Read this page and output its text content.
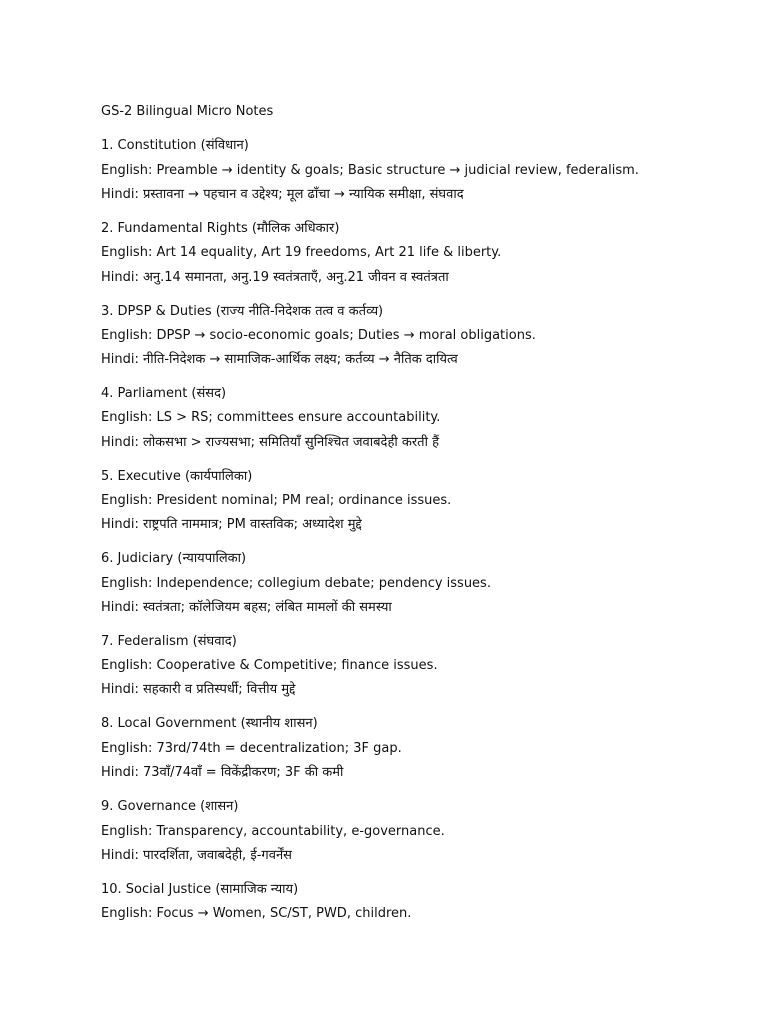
GS-2 Bilingual Micro Notes
1. Constitution (संविधान)
English: Preamble → identity & goals; Basic structure → judicial review, federalism.
Hindi: प्रस्तावना → पहचान व उद्देश्य; मूल ढाँचा → न्यायिक समीक्षा, संघवाद
2. Fundamental Rights (मौलिक अधिकार)
English: Art 14 equality, Art 19 freedoms, Art 21 life & liberty.
Hindi: अनु.14 समानता, अनु.19 स्वतंत्रताएँ, अनु.21 जीवन व स्वतंत्रता
3. DPSP & Duties (राज्य नीति-निदेशक तत्व व कर्तव्य)
English: DPSP → socio-economic goals; Duties → moral obligations.
Hindi: नीति-निदेशक → सामाजिक-आर्थिक लक्ष्य; कर्तव्य → नैतिक दायित्व
4. Parliament (संसद)
English: LS > RS; committees ensure accountability.
Hindi: लोकसभा > राज्यसभा; समितियाँ सुनिश्चित जवाबदेही करती हैं
5. Executive (कार्यपालिका)
English: President nominal; PM real; ordinance issues.
Hindi: राष्ट्रपति नाममात्र; PM वास्तविक; अध्यादेश मुद्दे
6. Judiciary (न्यायपालिका)
English: Independence; collegium debate; pendency issues.
Hindi: स्वतंत्रता; कॉलेजियम बहस; लंबित मामलों की समस्या
7. Federalism (संघवाद)
English: Cooperative & Competitive; finance issues.
Hindi: सहकारी व प्रतिस्पर्धी; वित्तीय मुद्दे
8. Local Government (स्थानीय शासन)
English: 73rd/74th = decentralization; 3F gap.
Hindi: 73वाँ/74वाँ = विकेंद्रीकरण; 3F की कमी
9. Governance (शासन)
English: Transparency, accountability, e-governance.
Hindi: पारदर्शिता, जवाबदेही, ई-गवर्नेंस
10. Social Justice (सामाजिक न्याय)
English: Focus → Women, SC/ST, PWD, children.
